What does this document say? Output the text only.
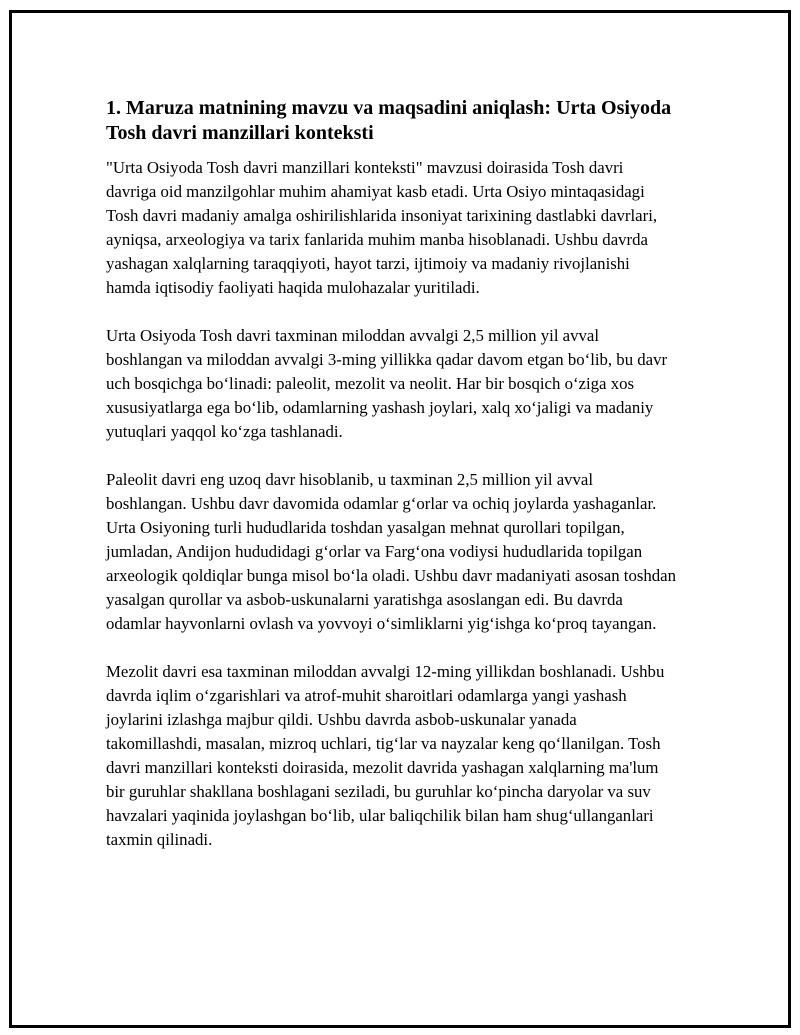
1. Maruza matnining mavzu va maqsadini aniqlash: Urta Osiyoda Tosh davri manzillari konteksti

"Urta Osiyoda Tosh davri manzillari konteksti" mavzusi doirasida Tosh davri davriga oid manzilgohlar muhim ahamiyat kasb etadi. Urta Osiyo mintaqasidagi Tosh davri madaniy amalga oshirilishlarida insoniyat tarixining dastlabki davrlari, ayniqsa, arxeologiya va tarix fanlarida muhim manba hisoblanadi. Ushbu davrda yashagan xalqlarning taraqqiyoti, hayot tarzi, ijtimoiy va madaniy rivojlanishi hamda iqtisodiy faoliyati haqida mulohazalar yuritiladi.

Urta Osiyoda Tosh davri taxminan miloddan avvalgi 2,5 million yil avval boshlangan va miloddan avvalgi 3-ming yillikka qadar davom etgan bo‘lib, bu davr uch bosqichga bo‘linadi: paleolit, mezolit va neolit. Har bir bosqich o‘ziga xos xususiyatlarga ega bo‘lib, odamlarning yashash joylari, xalq xo‘jaligi va madaniy yutuqlari yaqqol ko‘zga tashlanadi.

Paleolit davri eng uzoq davr hisoblanib, u taxminan 2,5 million yil avval boshlangan. Ushbu davr davomida odamlar g‘orlar va ochiq joylarda yashaganlar. Urta Osiyoning turli hududlarida toshdan yasalgan mehnat qurollari topilgan, jumladan, Andijon hududidagi g‘orlar va Farg‘ona vodiysi hududlarida topilgan arxeologik qoldiqlar bunga misol bo‘la oladi. Ushbu davr madaniyati asosan toshdan yasalgan qurollar va asbob-uskunalarni yaratishga asoslangan edi. Bu davrda odamlar hayvonlarni ovlash va yovvoyi o‘simliklarni yig‘ishga ko‘proq tayangan.

Mezolit davri esa taxminan miloddan avvalgi 12-ming yillikdan boshlanadi. Ushbu davrda iqlim o‘zgarishlari va atrof-muhit sharoitlari odamlarga yangi yashash joylarini izlashga majbur qildi. Ushbu davrda asbob-uskunalar yanada takomillashdi, masalan, mizroq uchlari, tig‘lar va nayzalar keng qo‘llanilgan. Tosh davri manzillari konteksti doirasida, mezolit davrida yashagan xalqlarning ma'lum bir guruhlar shakllana boshlagani seziladi, bu guruhlar ko‘pincha daryolar va suv havzalari yaqinida joylashgan bo‘lib, ular baliqchilik bilan ham shug‘ullanganlari taxmin qilinadi.
